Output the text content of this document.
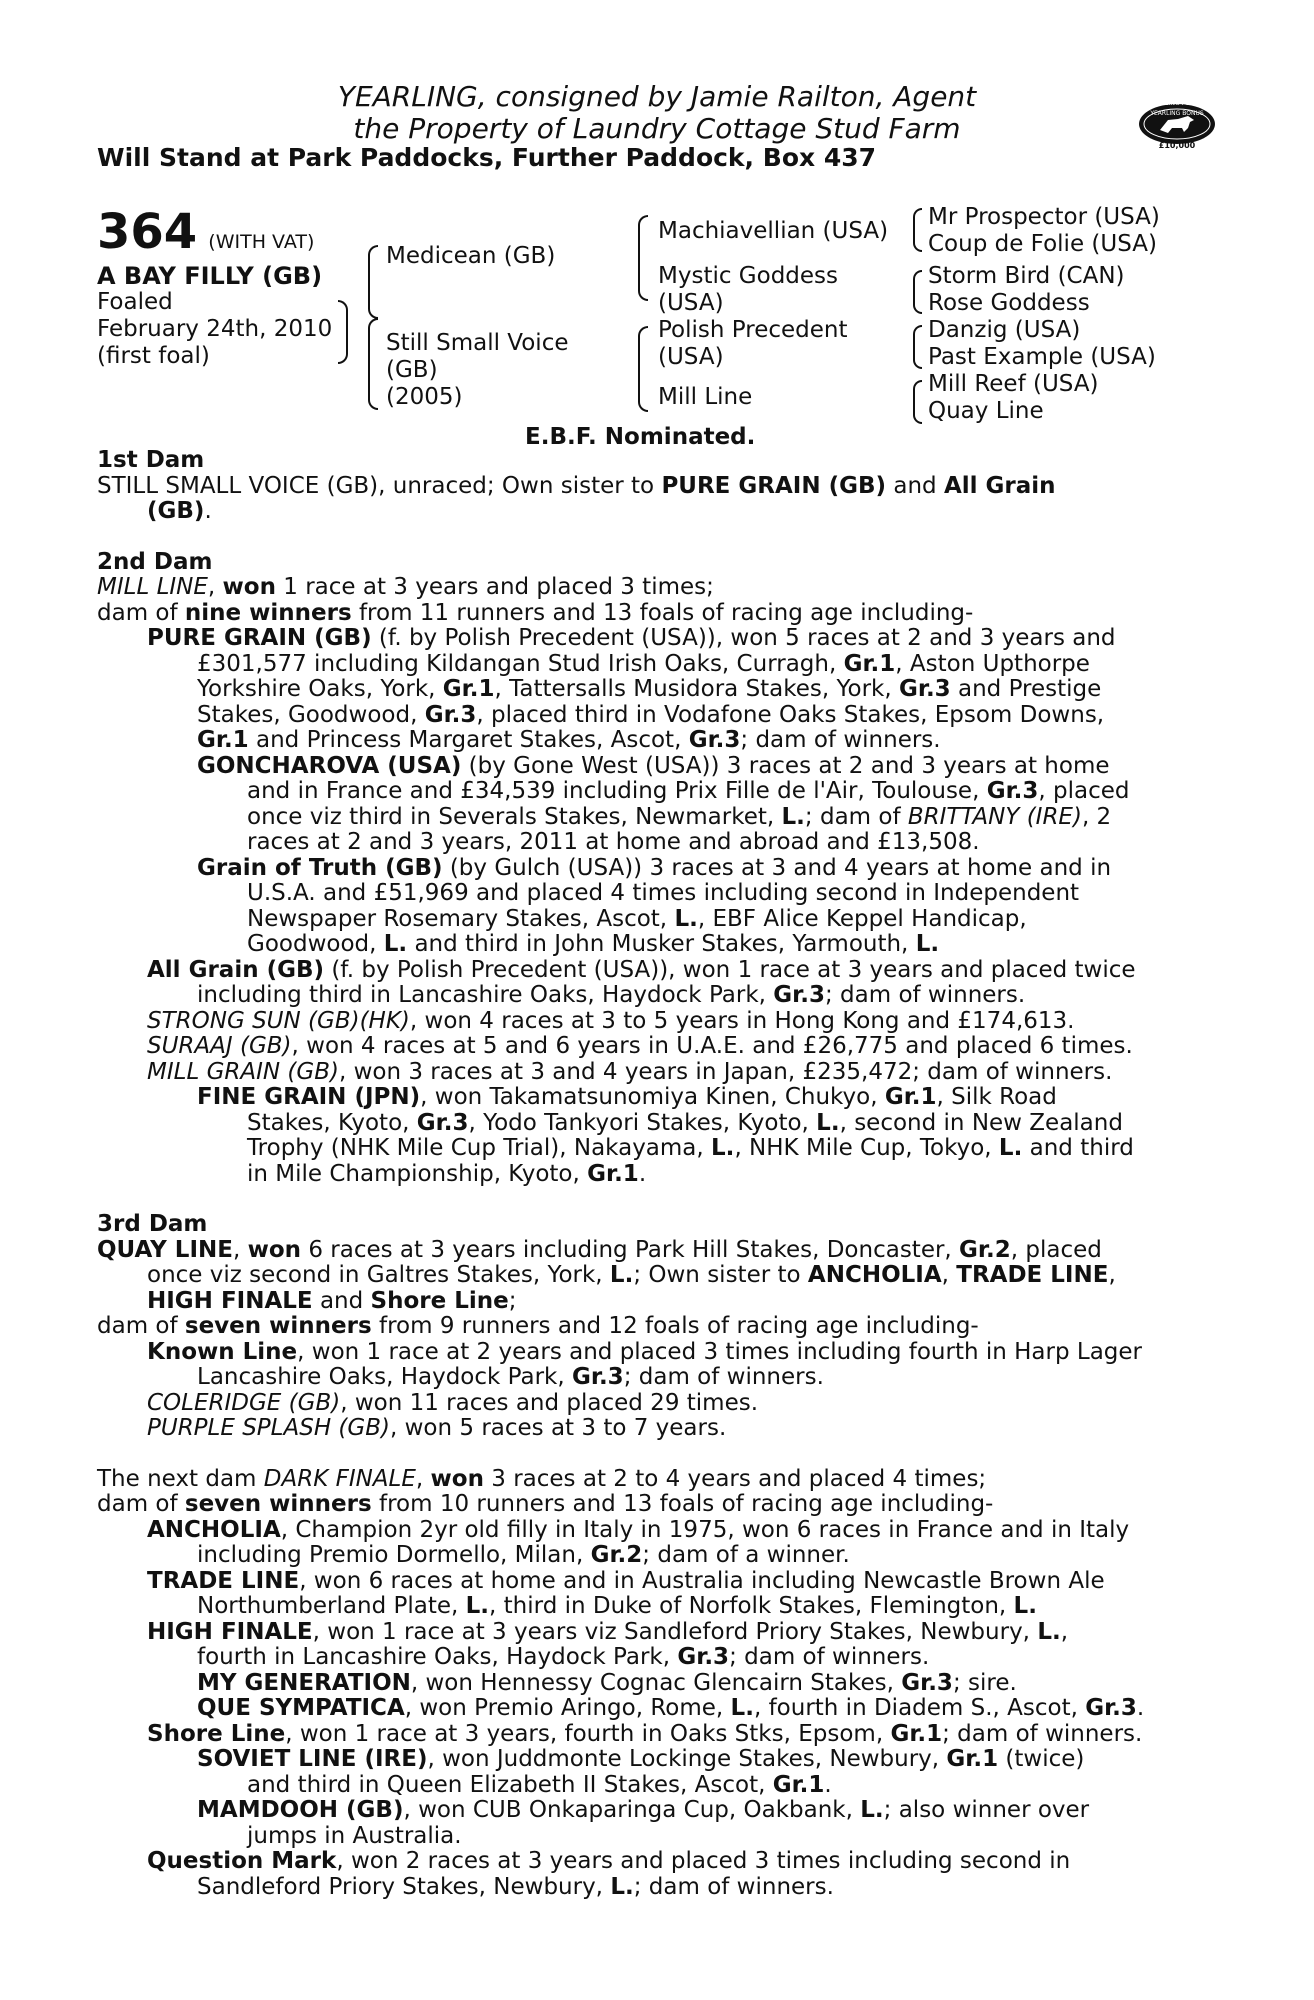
YEARLING, consigned by Jamie Railton, Agent
the Property of Laundry Cottage Stud Farm
Will Stand at Park Paddocks, Further Paddock, Box 437
RACING POST
YEARLING BONUS
£10,000
364 (WITH VAT)
A BAY FILLY (GB)
Foaled
February 24th, 2010
(first foal)
Medicean (GB)
Still Small Voice
(GB)
(2005)
Machiavellian (USA)
Mystic Goddess
(USA)
Polish Precedent
(USA)
Mill Line
Mr Prospector (USA)
Coup de Folie (USA)
Storm Bird (CAN)
Rose Goddess
Danzig (USA)
Past Example (USA)
Mill Reef (USA)
Quay Line
E.B.F. Nominated.
1st Dam
STILL SMALL VOICE (GB), unraced; Own sister to PURE GRAIN (GB) and All Grain
(GB).
2nd Dam
MILL LINE, won 1 race at 3 years and placed 3 times;
dam of nine winners from 11 runners and 13 foals of racing age including-
PURE GRAIN (GB) (f. by Polish Precedent (USA)), won 5 races at 2 and 3 years and
£301,577 including Kildangan Stud Irish Oaks, Curragh, Gr.1, Aston Upthorpe
Yorkshire Oaks, York, Gr.1, Tattersalls Musidora Stakes, York, Gr.3 and Prestige
Stakes, Goodwood, Gr.3, placed third in Vodafone Oaks Stakes, Epsom Downs,
Gr.1 and Princess Margaret Stakes, Ascot, Gr.3; dam of winners.
GONCHAROVA (USA) (by Gone West (USA)) 3 races at 2 and 3 years at home
and in France and £34,539 including Prix Fille de l'Air, Toulouse, Gr.3, placed
once viz third in Severals Stakes, Newmarket, L.; dam of BRITTANY (IRE), 2
races at 2 and 3 years, 2011 at home and abroad and £13,508.
Grain of Truth (GB) (by Gulch (USA)) 3 races at 3 and 4 years at home and in
U.S.A. and £51,969 and placed 4 times including second in Independent
Newspaper Rosemary Stakes, Ascot, L., EBF Alice Keppel Handicap,
Goodwood, L. and third in John Musker Stakes, Yarmouth, L.
All Grain (GB) (f. by Polish Precedent (USA)), won 1 race at 3 years and placed twice
including third in Lancashire Oaks, Haydock Park, Gr.3; dam of winners.
STRONG SUN (GB)(HK), won 4 races at 3 to 5 years in Hong Kong and £174,613.
SURAAJ (GB), won 4 races at 5 and 6 years in U.A.E. and £26,775 and placed 6 times.
MILL GRAIN (GB), won 3 races at 3 and 4 years in Japan, £235,472; dam of winners.
FINE GRAIN (JPN), won Takamatsunomiya Kinen, Chukyo, Gr.1, Silk Road
Stakes, Kyoto, Gr.3, Yodo Tankyori Stakes, Kyoto, L., second in New Zealand
Trophy (NHK Mile Cup Trial), Nakayama, L., NHK Mile Cup, Tokyo, L. and third
in Mile Championship, Kyoto, Gr.1.
3rd Dam
QUAY LINE, won 6 races at 3 years including Park Hill Stakes, Doncaster, Gr.2, placed
once viz second in Galtres Stakes, York, L.; Own sister to ANCHOLIA, TRADE LINE,
HIGH FINALE and Shore Line;
dam of seven winners from 9 runners and 12 foals of racing age including-
Known Line, won 1 race at 2 years and placed 3 times including fourth in Harp Lager
Lancashire Oaks, Haydock Park, Gr.3; dam of winners.
COLERIDGE (GB), won 11 races and placed 29 times.
PURPLE SPLASH (GB), won 5 races at 3 to 7 years.
The next dam DARK FINALE, won 3 races at 2 to 4 years and placed 4 times;
dam of seven winners from 10 runners and 13 foals of racing age including-
ANCHOLIA, Champion 2yr old filly in Italy in 1975, won 6 races in France and in Italy
including Premio Dormello, Milan, Gr.2; dam of a winner.
TRADE LINE, won 6 races at home and in Australia including Newcastle Brown Ale
Northumberland Plate, L., third in Duke of Norfolk Stakes, Flemington, L.
HIGH FINALE, won 1 race at 3 years viz Sandleford Priory Stakes, Newbury, L.,
fourth in Lancashire Oaks, Haydock Park, Gr.3; dam of winners.
MY GENERATION, won Hennessy Cognac Glencairn Stakes, Gr.3; sire.
QUE SYMPATICA, won Premio Aringo, Rome, L., fourth in Diadem S., Ascot, Gr.3.
Shore Line, won 1 race at 3 years, fourth in Oaks Stks, Epsom, Gr.1; dam of winners.
SOVIET LINE (IRE), won Juddmonte Lockinge Stakes, Newbury, Gr.1 (twice)
and third in Queen Elizabeth II Stakes, Ascot, Gr.1.
MAMDOOH (GB), won CUB Onkaparinga Cup, Oakbank, L.; also winner over
jumps in Australia.
Question Mark, won 2 races at 3 years and placed 3 times including second in
Sandleford Priory Stakes, Newbury, L.; dam of winners.
